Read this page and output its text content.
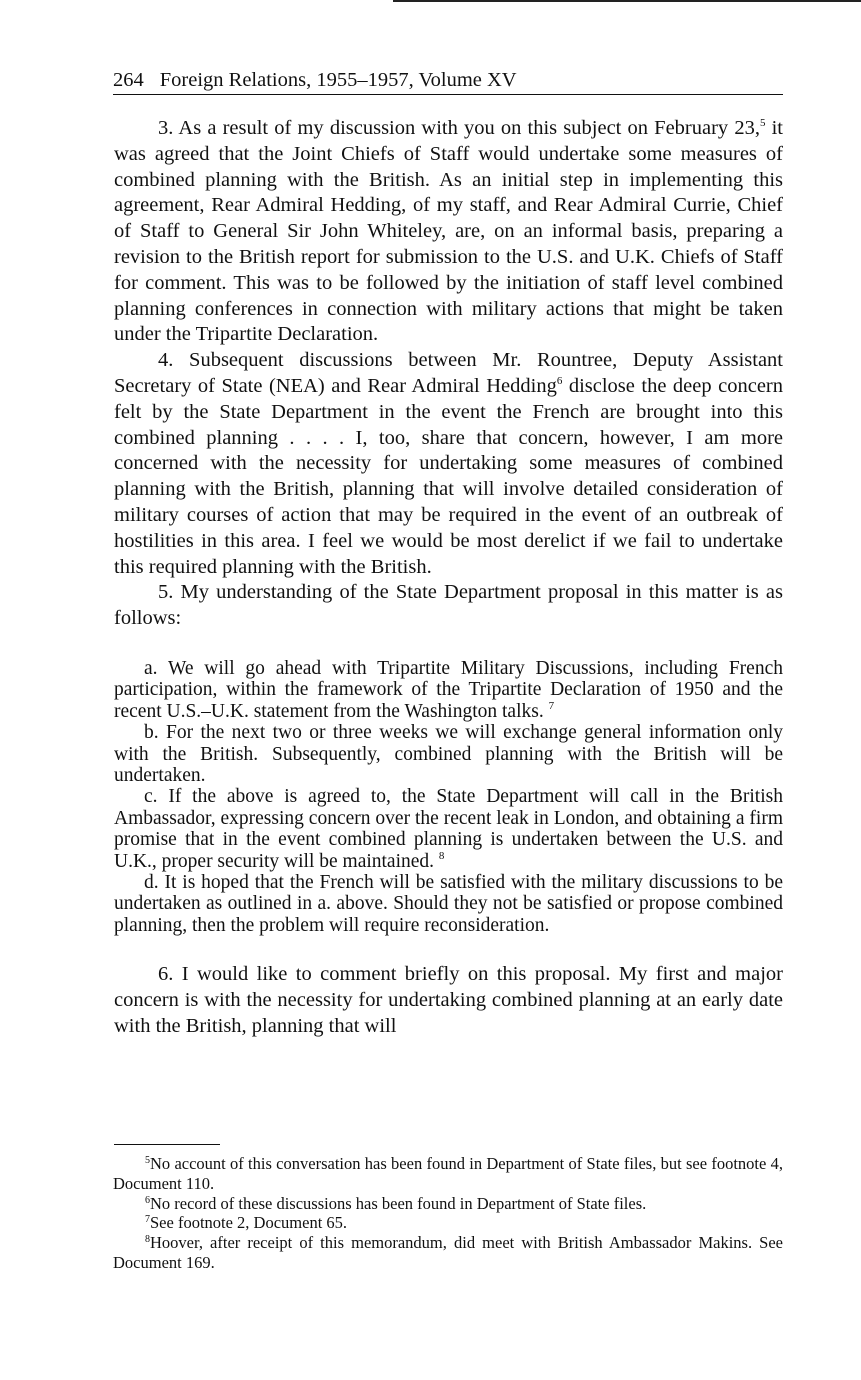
264 Foreign Relations, 1955–1957, Volume XV

3. As a result of my discussion with you on this subject on February 23,$^5$ it was agreed that the Joint Chiefs of Staff would undertake some measures of combined planning with the British. As an initial step in implementing this agreement, Rear Admiral Hedding, of my staff, and Rear Admiral Currie, Chief of Staff to General Sir John Whiteley, are, on an informal basis, preparing a revision to the British report for submission to the U.S. and U.K. Chiefs of Staff for comment. This was to be followed by the initiation of staff level combined planning conferences in connection with military actions that might be taken under the Tripartite Declaration.

4. Subsequent discussions between Mr. Rountree, Deputy Assistant Secretary of State (NEA) and Rear Admiral Hedding$^6$ disclose the deep concern felt by the State Department in the event the French are brought into this combined planning . . . . I, too, share that concern, however, I am more concerned with the necessity for undertaking some measures of combined planning with the British, planning that will involve detailed consideration of military courses of action that may be required in the event of an outbreak of hostilities in this area. I feel we would be most derelict if we fail to undertake this required planning with the British.

5. My understanding of the State Department proposal in this matter is as follows:

a. We will go ahead with Tripartite Military Discussions, including French participation, within the framework of the Tripartite Declaration of 1950 and the recent U.S.–U.K. statement from the Washington talks. $^7$

b. For the next two or three weeks we will exchange general information only with the British. Subsequently, combined planning with the British will be undertaken.

c. If the above is agreed to, the State Department will call in the British Ambassador, expressing concern over the recent leak in London, and obtaining a firm promise that in the event combined planning is undertaken between the U.S. and U.K., proper security will be maintained. $^8$

d. It is hoped that the French will be satisfied with the military discussions to be undertaken as outlined in a. above. Should they not be satisfied or propose combined planning, then the problem will require reconsideration.

6. I would like to comment briefly on this proposal. My first and major concern is with the necessity for undertaking combined planning at an early date with the British, planning that will

$^5$No account of this conversation has been found in Department of State files, but see footnote 4, Document 110.

$^6$No record of these discussions has been found in Department of State files.

$^7$See footnote 2, Document 65.

$^8$Hoover, after receipt of this memorandum, did meet with British Ambassador Makins. See Document 169.
